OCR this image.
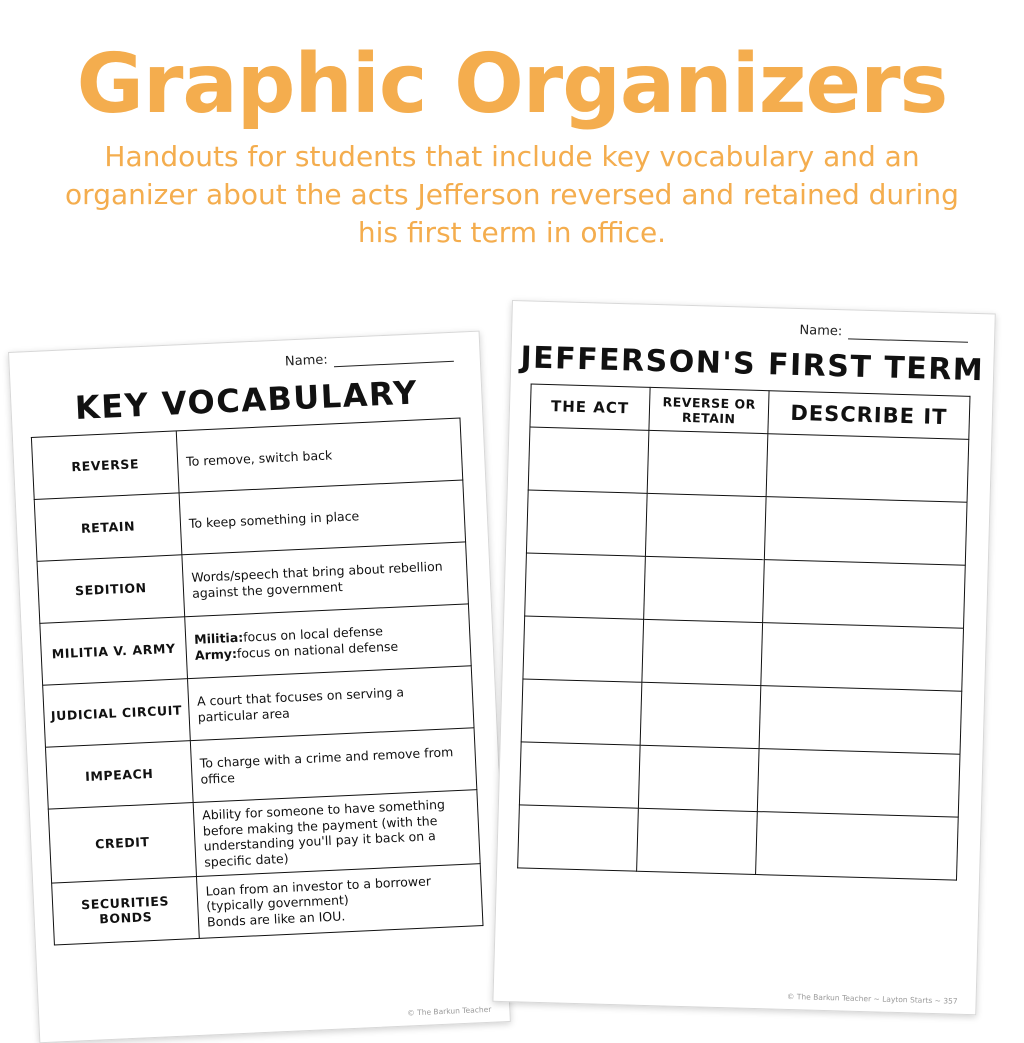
Graphic Organizers

Handouts for students that include key vocabulary and an organizer about the acts Jefferson reversed and retained during his first term in office.

Name:
KEY VOCABULARY
REVERSE	To remove, switch back
RETAIN	To keep something in place
SEDITION	Words/speech that bring about rebellion against the government
MILITIA V. ARMY	Militia:focus on local defense
Army:focus on national defense

JUDICIAL CIRCUIT	A court that focuses on serving a particular area
IMPEACH	To charge with a crime and remove from office
CREDIT	Ability for someone to have something before making the payment (with the understanding you'll pay it back on a specific date)
SECURITIES BONDS	Loan from an investor to a borrower (typically government)
Bonds are like an IOU.
© The Barkun Teacher
Name:
JEFFERSON'S FIRST TERM
THE ACT	REVERSE OR RETAIN	DESCRIBE IT

© The Barkun Teacher ~ Layton Starts ~ 357
